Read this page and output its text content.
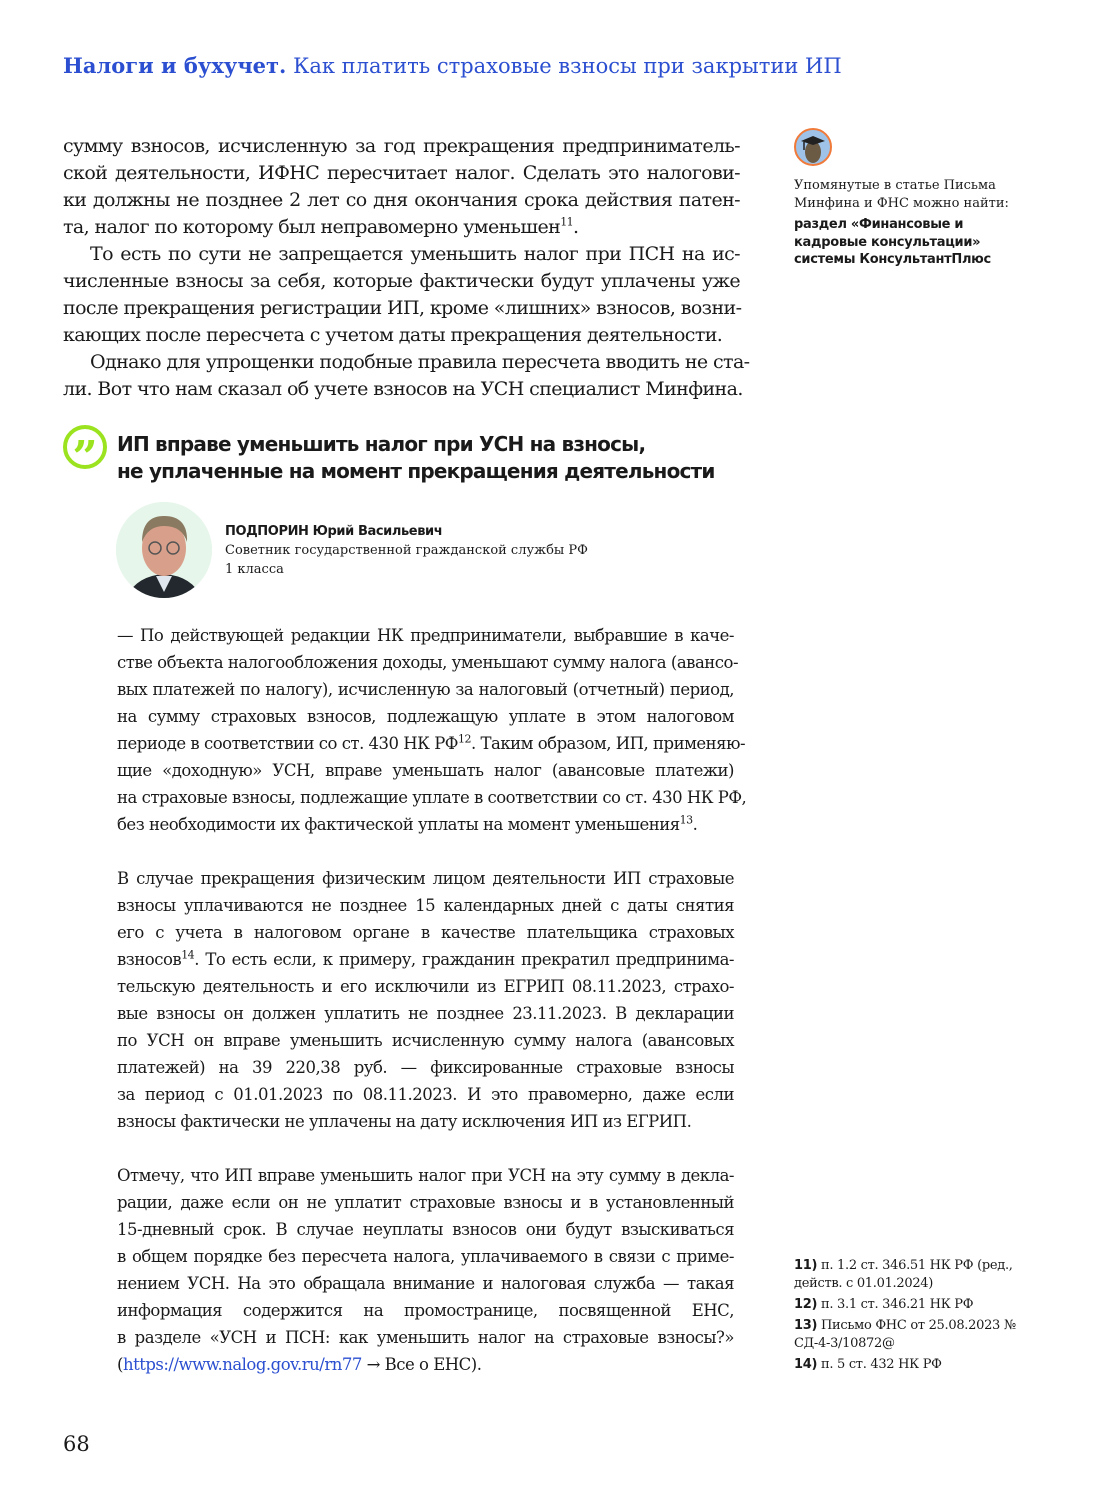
Налоги и бухучет. Как платить страховые взносы при закрытии ИП
сумму взносов, исчисленную за год прекращения предприниматель-
ской деятельности, ИФНС пересчитает налог. Сделать это налогови-
ки должны не позднее 2 лет со дня окончания срока действия патен-
та, налог по которому был неправомерно уменьшен$^{11}$.
То есть по сути не запрещается уменьшить налог при ПСН на ис-
численные взносы за себя, которые фактически будут уплачены уже
после прекращения регистрации ИП, кроме «лишних» взносов, возни-
кающих после пересчета с учетом даты прекращения деятельности.
Однако для упрощенки подобные правила пересчета вводить не ста-
ли. Вот что нам сказал об учете взносов на УСН специалист Минфина.
” ИП вправе уменьшить налог при УСН на взносы,
не уплаченные на момент прекращения деятельности
ПОДПОРИН Юрий Васильевич
Советник государственной гражданской службы РФ
1 класса
— По действующей редакции НК предприниматели, выбравшие в каче-
стве объекта налогообложения доходы, уменьшают сумму налога (авансо-
вых платежей по налогу), исчисленную за налоговый (отчетный) период,
на сумму страховых взносов, подлежащую уплате в этом налоговом
периоде в соответствии со ст. 430 НК РФ$^{12}$. Таким образом, ИП, применяю-
щие «доходную» УСН, вправе уменьшать налог (авансовые платежи)
на страховые взносы, подлежащие уплате в соответствии со ст. 430 НК РФ,
без необходимости их фактической уплаты на момент уменьшения$^{13}$.
В случае прекращения физическим лицом деятельности ИП страховые
взносы уплачиваются не позднее 15 календарных дней с даты снятия
его с учета в налоговом органе в качестве плательщика страховых
взносов$^{14}$. То есть если, к примеру, гражданин прекратил предпринима-
тельскую деятельность и его исключили из ЕГРИП 08.11.2023, страхо-
вые взносы он должен уплатить не позднее 23.11.2023. В декларации
по УСН он вправе уменьшить исчисленную сумму налога (авансовых
платежей) на 39 220,38 руб. — фиксированные страховые взносы
за период с 01.01.2023 по 08.11.2023. И это правомерно, даже если
взносы фактически не уплачены на дату исключения ИП из ЕГРИП.
Отмечу, что ИП вправе уменьшить налог при УСН на эту сумму в декла-
рации, даже если он не уплатит страховые взносы и в установленный
15-дневный срок. В случае неуплаты взносов они будут взыскиваться
в общем порядке без пересчета налога, уплачиваемого в связи с приме-
нением УСН. На это обращала внимание и налоговая служба — такая
информация содержится на промостранице, посвященной ЕНС,
в разделе «УСН и ПСН: как уменьшить налог на страховые взносы?»
(https://www.nalog.gov.ru/rn77 → Все о ЕНС).
Упомянутые в статье Письма Минфина и ФНС можно найти:
раздел «Финансовые и кадровые консультации» системы КонсультантПлюс
11) п. 1.2 ст. 346.51 НК РФ (ред., действ. с 01.01.2024)
12) п. 3.1 ст. 346.21 НК РФ
13) Письмо ФНС от 25.08.2023 № СД-4-3/10872@
14) п. 5 ст. 432 НК РФ
68
